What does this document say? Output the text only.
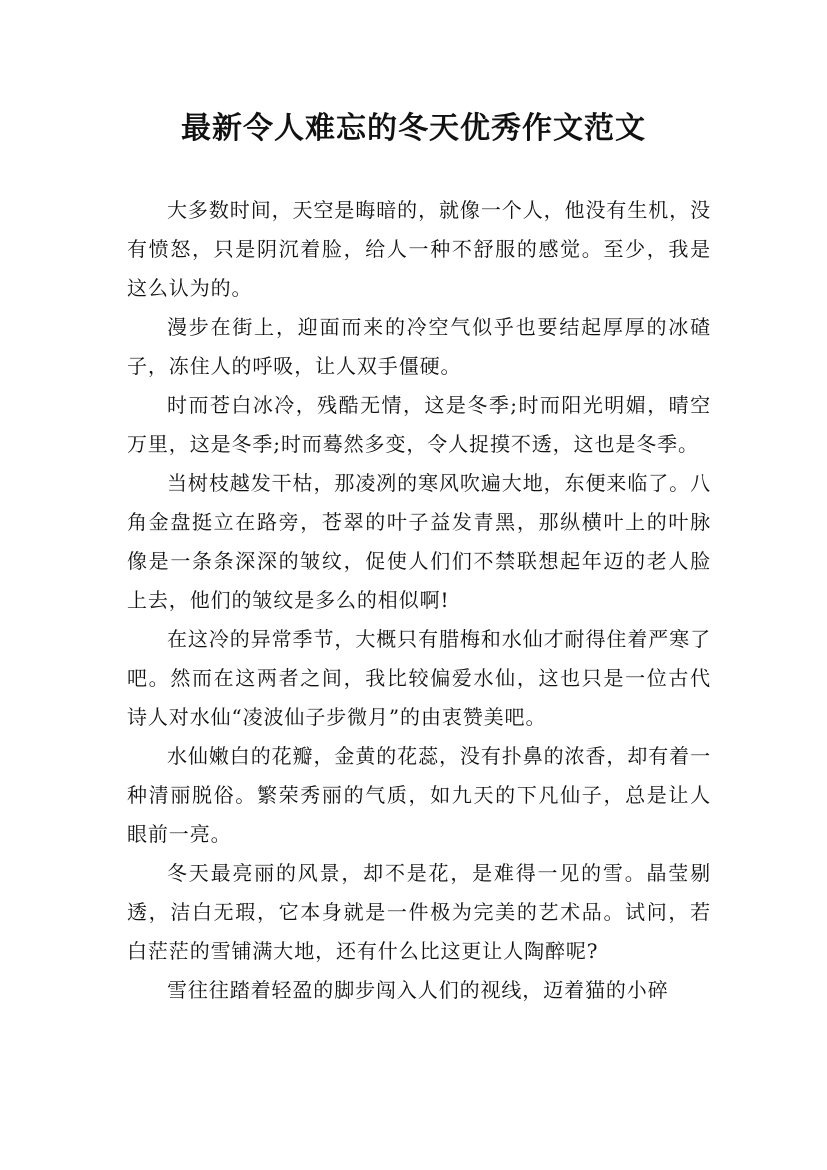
最新令人难忘的冬天优秀作文范文

大多数时间，天空是晦暗的，就像一个人，他没有生机，没有愤怒，只是阴沉着脸，给人一种不舒服的感觉。至少，我是这么认为的。

漫步在街上，迎面而来的冷空气似乎也要结起厚厚的冰碴子，冻住人的呼吸，让人双手僵硬。

时而苍白冰冷，残酷无情，这是冬季;时而阳光明媚，晴空万里，这是冬季;时而蓦然多变，令人捉摸不透，这也是冬季。

当树枝越发干枯，那凌冽的寒风吹遍大地，东便来临了。八角金盘挺立在路旁，苍翠的叶子益发青黑，那纵横叶上的叶脉像是一条条深深的皱纹，促使人们们不禁联想起年迈的老人脸上去，他们的皱纹是多么的相似啊!

在这冷的异常季节，大概只有腊梅和水仙才耐得住着严寒了吧。然而在这两者之间，我比较偏爱水仙，这也只是一位古代诗人对水仙“凌波仙子步微月”的由衷赞美吧。

水仙嫩白的花瓣，金黄的花蕊，没有扑鼻的浓香，却有着一种清丽脱俗。繁荣秀丽的气质，如九天的下凡仙子，总是让人眼前一亮。

冬天最亮丽的风景，却不是花，是难得一见的雪。晶莹剔透，洁白无瑕，它本身就是一件极为完美的艺术品。试问，若白茫茫的雪铺满大地，还有什么比这更让人陶醉呢?

雪往往踏着轻盈的脚步闯入人们的视线，迈着猫的小碎
